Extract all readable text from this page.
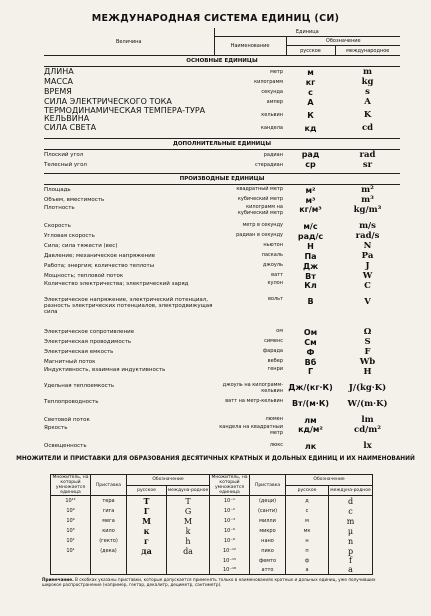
МЕЖДУНАРОДНАЯ СИСТЕМА ЕДИНИЦ (СИ)
Величина	Единица		
	Наименование	Обозначение	
		русское	международное
ОСНОВНЫЕ ЕДИНИЦЫ			
ДЛИНА	метр	м	m
МАССА	килограмм	кг	kg
ВРЕМЯ	секунда	с	s
СИЛА ЭЛЕКТРИЧЕСКОГО ТОКА	ампер	А	A
ТЕРМОДИНАМИЧЕСКАЯ ТЕМПЕРА-ТУРА КЕЛЬВИНА	кельвин	К	K
СИЛА СВЕТА	кандела	кд	cd

ДОПОЛНИТЕЛЬНЫЕ ЕДИНИЦЫ			
Плоский угол	радиан	рад	rad
Телесный угол	стерадиан	ср	sr

ПРОИЗВОДНЫЕ ЕДИНИЦЫ			
Площадь	квадратный метр	м²	m²
Объем, вместимость	кубический метр	м³	m³
Плотность	килограмм на кубический метр	кг/м³	kg/m³
Скорость	метр в секунду	м/с	m/s
Угловая скорость	радиан в секунду	рад/с	rad/s
Сила; сила тяжести (вес)	ньютон	Н	N
Давление; механическое напряжение	паскаль	Па	Pa
Работа; энергия; количество теплоты	джоуль	Дж	J
Мощность; тепловой поток	ватт	Вт	W
Количество электричества; электрический заряд	кулон	Кл	C
Электрическое напряжение, электрический потенциал, разность электрических потенциалов, электродвижущая сила	вольт	В	V
Электрическое сопротивление	ом	Ом	Ω
Электрическая проводимость	сименс	См	S
Электрическая емкость	фарада	Ф	F
Магнитный поток	вебер	Вб	Wb
Индуктивность, взаимная индуктивность	генри	Г	H
Удельная теплоемкость	джоуль на килограмм-кельвин	Дж/(кг·К)	J/(kg·K)
Теплопроводность	ватт на метр-кельвин	Вт/(м·К)	W/(m·K)
Световой поток	люмен	лм	lm
Яркость	кандела на квадратный метр	кд/м²	cd/m²
Освещенность	люкс	лк	lx
МНОЖИТЕЛИ И ПРИСТАВКИ ДЛЯ ОБРАЗОВАНИЯ ДЕСЯТИЧНЫХ КРАТНЫХ И ДОЛЬНЫХ ЕДИНИЦ И ИХ НАИМЕНОВАНИЙ
Множитель, на который умножается единица	Приставка	Обозначение		Множитель, на который умножается единица	Приставка	Обозначение	
		русское	междуна-родное			русское	междуна-родное
10¹²	тера	Т	T	10⁻¹	(деци)	д	d
10⁹	гига	Г	G	10⁻²	(санти)	с	c
10⁶	мега	М	M	10⁻³	милли	м	m
10³	кило	к	k	10⁻⁶	микро	мк	μ
10²	(гекто)	г	h	10⁻⁹	нано	н	n
10¹	(дека)	да	da	10⁻¹²	пико	п	p
				10⁻¹⁵	фемто	ф	f
				10⁻¹⁸	атто	а	a
Примечание. В скобках указаны приставки, которые допускается применять только в наименованиях кратных и дольных единиц, уже получивших широкое распространение (например, гектар, декалитр, дециметр, сантиметр).
